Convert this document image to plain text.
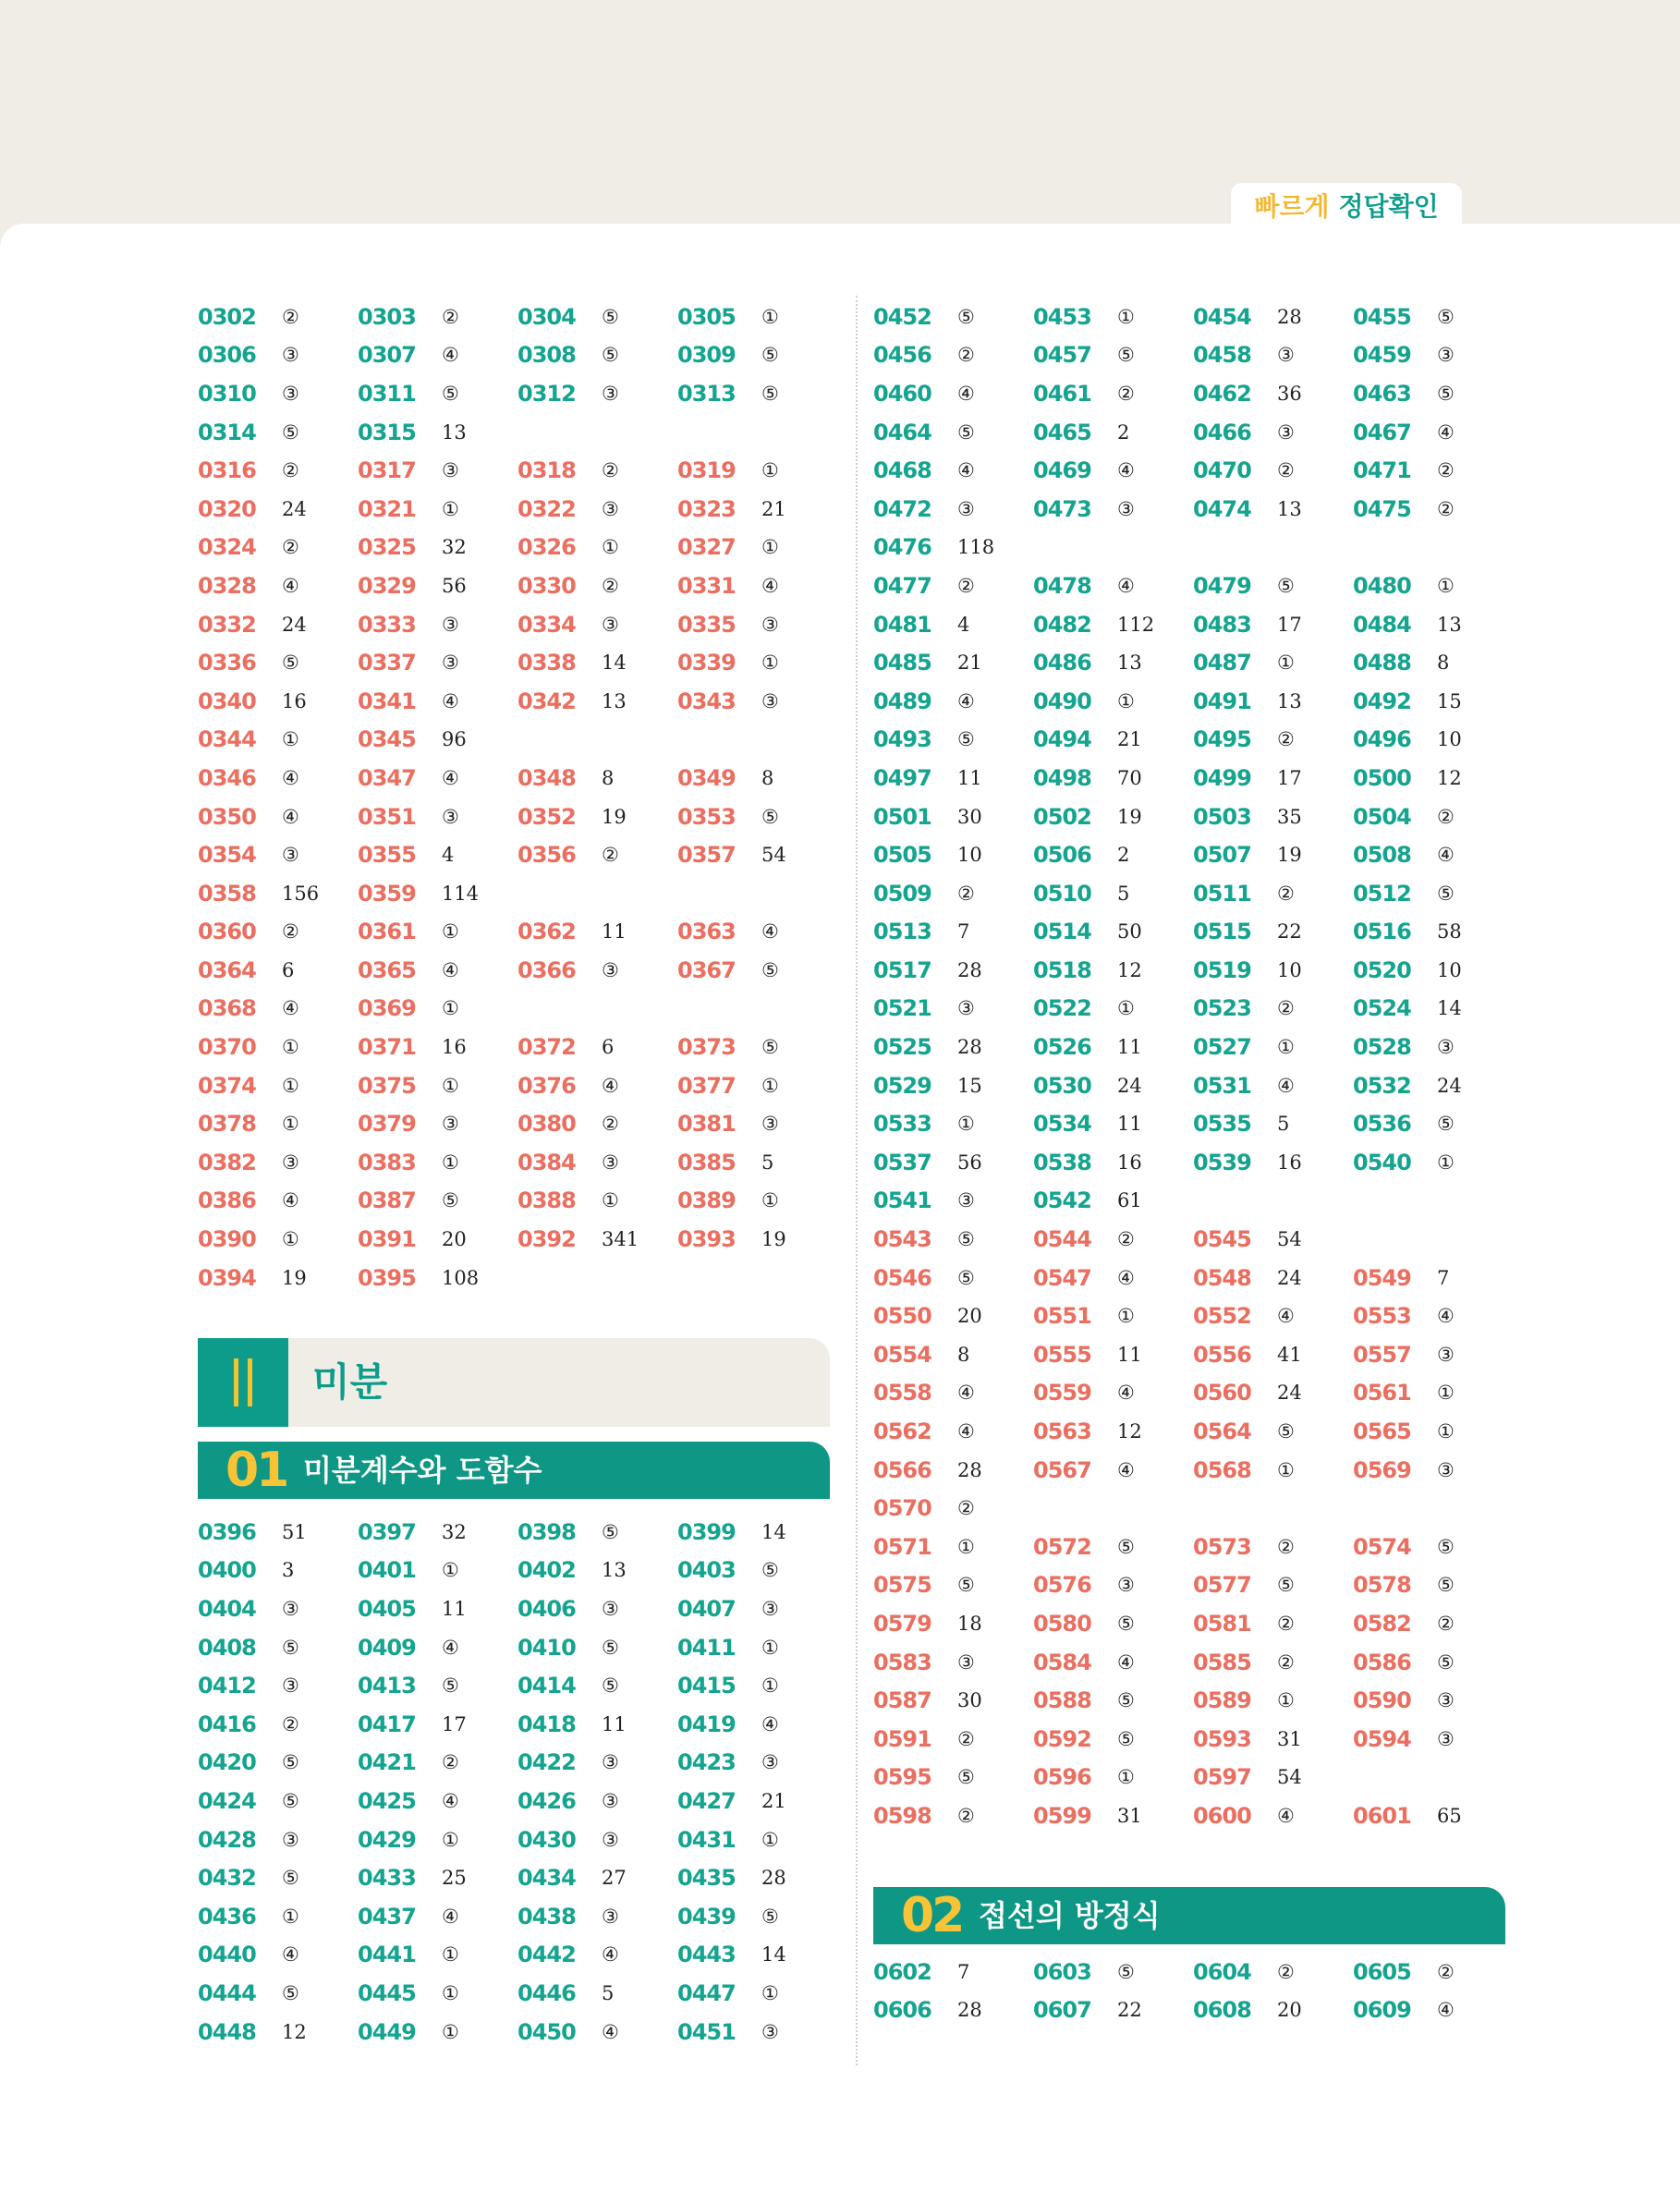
빠르게 정답확인
0302	②	0303	②	0304	⑤	0305	①
0306	③	0307	④	0308	⑤	0309	⑤
0310	③	0311	⑤	0312	③	0313	⑤
0314	⑤	0315	13
0316	②	0317	③	0318	②	0319	①
0320	24 0321	①	0322	③	0323	21
0324	②	0325	32 0326	①	0327	①
0328	④	0329	56 0330	②	0331	④
0332	24 0333	③	0334	③	0335	③
0336	⑤	0337	③	0338	14 0339	①
0340	16 0341	④	0342	13 0343	③
0344	①	0345	96
0346	④	0347	④	0348	8	0349	8
0350	④	0351	③	0352	19 0353	⑤
0354	③	0355	4	0356	②	0357	54
0358	156 0359	114
0360	②	0361	①	0362	11 0363	④
0364	6	0365	④	0366	③	0367	⑤
0368	④	0369	①
0370	①	0371	16 0372	6	0373	⑤
0374	①	0375	①	0376	④	0377	①
0378	①	0379	③	0380	②	0381	③
0382	③	0383	①	0384	③	0385	5
0386	④	0387	⑤	0388	①	0389	①
0390	①	0391	20 0392	341 0393	19
0394	19 0395	108
미분
01 미분계수와 도함수
0396	51 0397	32 0398	⑤	0399	14
0400	3	0401	①	0402	13 0403	⑤
0404	③	0405	11 0406	③	0407	③
0408	⑤	0409	④	0410	⑤	0411	①
0412	③	0413	⑤	0414	⑤	0415	①
0416	②	0417	17 0418	11 0419	④
0420	⑤	0421	②	0422	③	0423	③
0424	⑤	0425	④	0426	③	0427	21
0428	③	0429	①	0430	③	0431	①
0432	⑤	0433	25 0434	27 0435	28
0436	①	0437	④	0438	③	0439	⑤
0440	④	0441	①	0442	④	0443	14
0444	⑤	0445	①	0446	5	0447	①
0448	12 0449	①	0450	④	0451	③
0452	⑤	0453	①	0454	28 0455	⑤
0456	②	0457	⑤	0458	③	0459	③
0460	④	0461	②	0462	36 0463	⑤
0464	⑤	0465	2	0466	③	0467	④
0468	④	0469	④	0470	②	0471	②
0472	③	0473	③	0474	13 0475	②
0476	118
0477	②	0478	④	0479	⑤	0480	①
0481	4	0482	112 0483	17 0484	13
0485	21 0486	13 0487	①	0488	8
0489	④	0490	①	0491	13 0492	15
0493	⑤	0494	21 0495	②	0496	10
0497	11 0498	70 0499	17 0500	12
0501	30 0502	19 0503	35 0504	②
0505	10 0506	2	0507	19 0508	④
0509	②	0510	5	0511	②	0512	⑤
0513	7	0514	50 0515	22 0516	58
0517	28 0518	12 0519	10 0520	10
0521	③	0522	①	0523	②	0524	14
0525	28 0526	11 0527	①	0528	③
0529	15 0530	24 0531	④	0532	24
0533	①	0534	11 0535	5	0536	⑤
0537	56 0538	16 0539	16 0540	①
0541	③	0542	61
0543	⑤	0544	②	0545	54
0546	⑤	0547	④	0548	24 0549	7
0550	20 0551	①	0552	④	0553	④
0554	8	0555	11 0556	41 0557	③
0558	④	0559	④	0560	24 0561	①
0562	④	0563	12 0564	⑤	0565	①
0566	28 0567	④	0568	①	0569	③
0570	②
0571	①	0572	⑤	0573	②	0574	⑤
0575	⑤	0576	③	0577	⑤	0578	⑤
0579	18 0580	⑤	0581	②	0582	②
0583	③	0584	④	0585	②	0586	⑤
0587	30 0588	⑤	0589	①	0590	③
0591	②	0592	⑤	0593	31 0594	③
0595	⑤	0596	①	0597	54
0598	②	0599	31 0600	④	0601	65
02 접선의 방정식
0602	7	0603	⑤	0604	②	0605	②
0606	28 0607	22 0608	20 0609	④
